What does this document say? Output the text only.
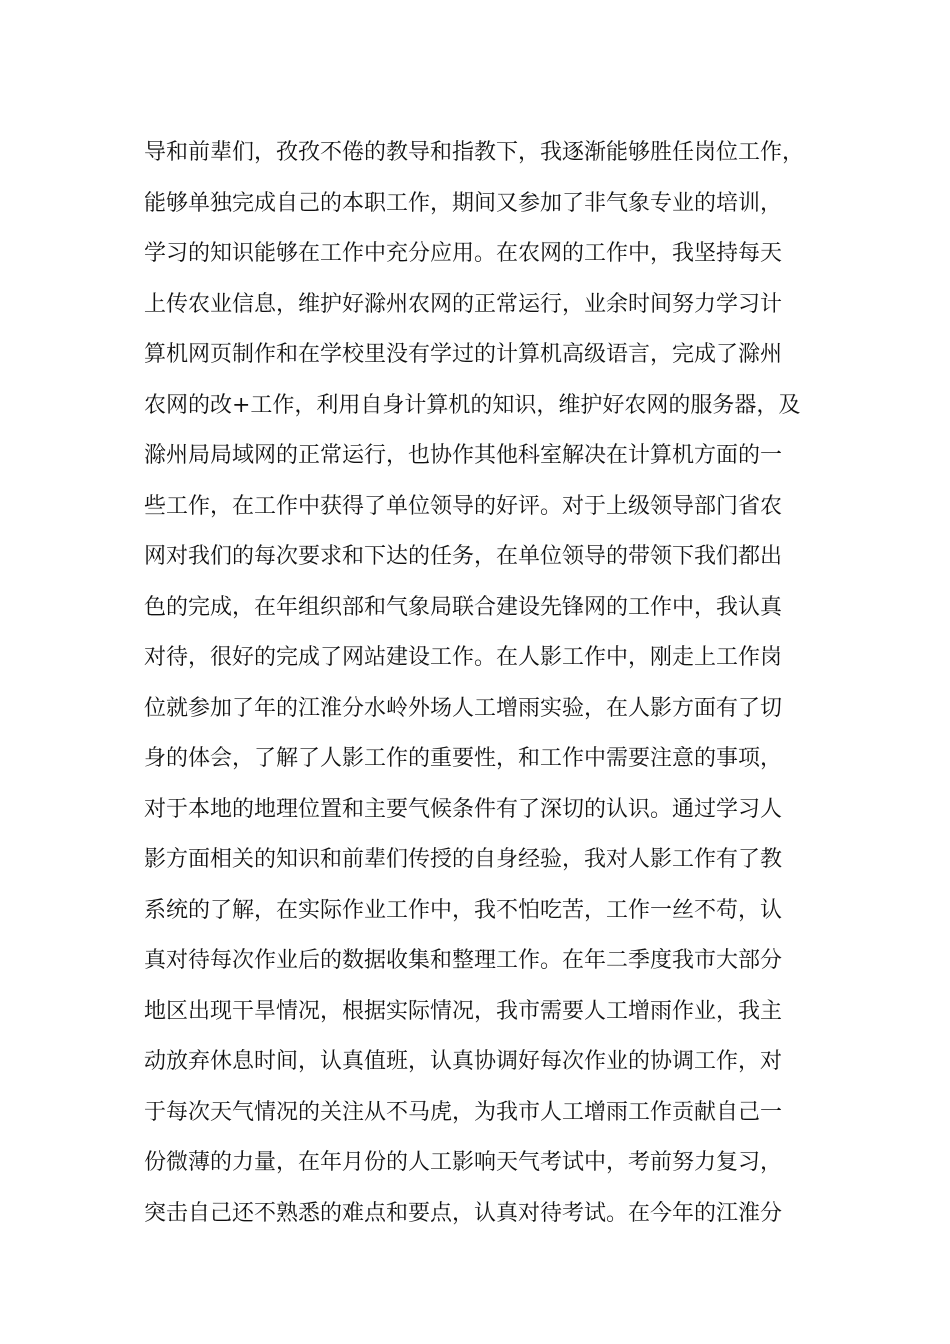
导和前辈们，孜孜不倦的教导和指教下，我逐渐能够胜任岗位工作，
能够单独完成自己的本职工作，期间又参加了非气象专业的培训，
学习的知识能够在工作中充分应用。在农网的工作中，我坚持每天
上传农业信息，维护好滁州农网的正常运行，业余时间努力学习计
算机网页制作和在学校里没有学过的计算机高级语言，完成了滁州
农网的改+工作，利用自身计算机的知识，维护好农网的服务器，及
滁州局局域网的正常运行，也协作其他科室解决在计算机方面的一
些工作，在工作中获得了单位领导的好评。对于上级领导部门省农
网对我们的每次要求和下达的任务，在单位领导的带领下我们都出
色的完成，在年组织部和气象局联合建设先锋网的工作中，我认真
对待，很好的完成了网站建设工作。在人影工作中，刚走上工作岗
位就参加了年的江淮分水岭外场人工增雨实验，在人影方面有了切
身的体会，了解了人影工作的重要性，和工作中需要注意的事项，
对于本地的地理位置和主要气候条件有了深切的认识。通过学习人
影方面相关的知识和前辈们传授的自身经验，我对人影工作有了教
系统的了解，在实际作业工作中，我不怕吃苦，工作一丝不苟，认
真对待每次作业后的数据收集和整理工作。在年二季度我市大部分
地区出现干旱情况，根据实际情况，我市需要人工增雨作业，我主
动放弃休息时间，认真值班，认真协调好每次作业的协调工作，对
于每次天气情况的关注从不马虎，为我市人工增雨工作贡献自己一
份微薄的力量，在年月份的人工影响天气考试中，考前努力复习，
突击自己还不熟悉的难点和要点，认真对待考试。在今年的江淮分
